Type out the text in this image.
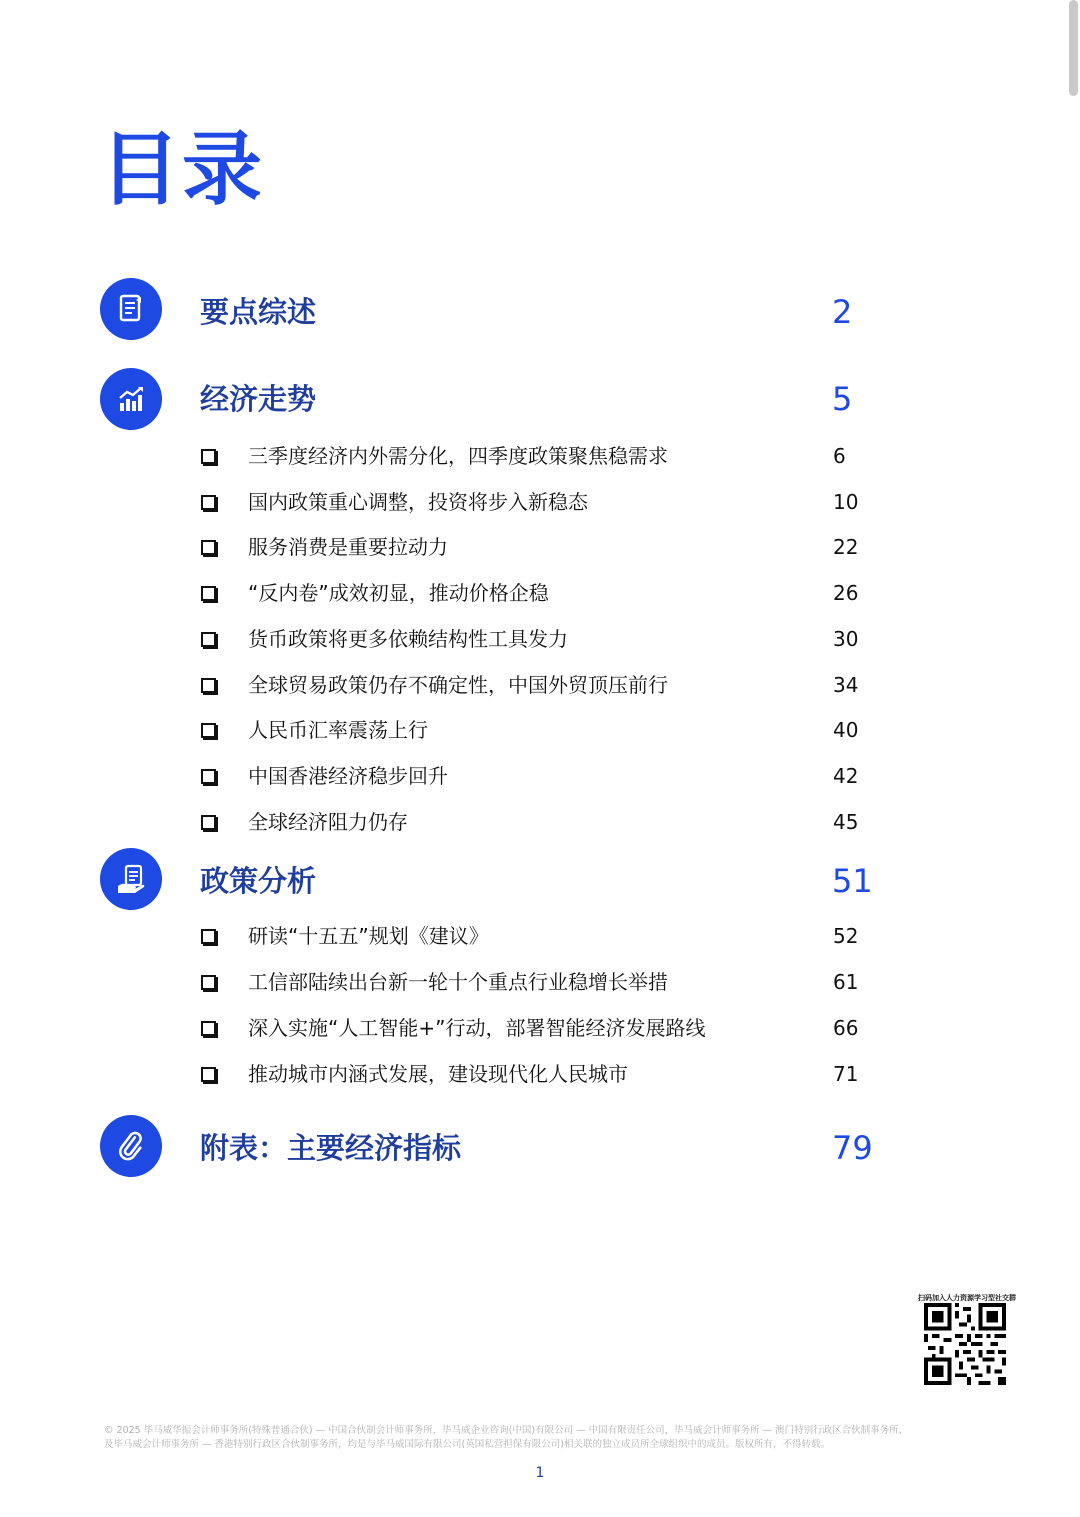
目录
要点综述	2
经济走势	5
三季度经济内外需分化，四季度政策聚焦稳需求	6
国内政策重心调整，投资将步入新稳态	10
服务消费是重要拉动力	22
“反内卷”成效初显，推动价格企稳	26
货币政策将更多依赖结构性工具发力	30
全球贸易政策仍存不确定性，中国外贸顶压前行	34
人民币汇率震荡上行	40
中国香港经济稳步回升	42
全球经济阻力仍存	45
政策分析	51
研读“十五五”规划《建议》	52
工信部陆续出台新一轮十个重点行业稳增长举措	61
深入实施“人工智能+”行动，部署智能经济发展路线	66
推动城市内涵式发展，建设现代化人民城市	71
附表：主要经济指标	79
扫码加入人力资源学习型社交群
© 2025 毕马威华振会计师事务所(特殊普通合伙) — 中国合伙制会计师事务所，毕马威企业咨询(中国)有限公司 — 中国有限责任公司，毕马威会计师事务所 — 澳门特别行政区合伙制事务所，
及毕马威会计师事务所 — 香港特别行政区合伙制事务所，均是与毕马威国际有限公司(英国私营担保有限公司)相关联的独立成员所全球组织中的成员。版权所有，不得转载。
1
